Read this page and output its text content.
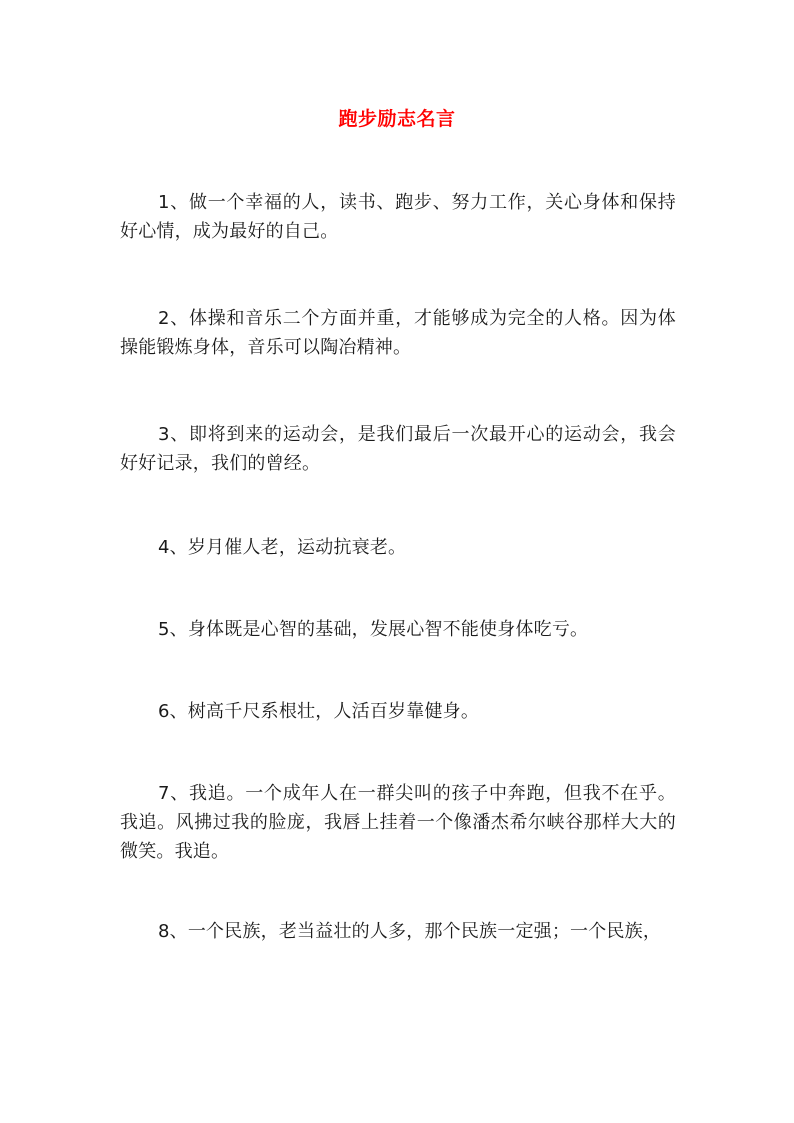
跑步励志名言

1、做一个幸福的人，读书、跑步、努力工作，关心身体和保持好心情，成为最好的自己。

2、体操和音乐二个方面并重，才能够成为完全的人格。因为体操能锻炼身体，音乐可以陶冶精神。

3、即将到来的运动会，是我们最后一次最开心的运动会，我会好好记录，我们的曾经。

4、岁月催人老，运动抗衰老。

5、身体既是心智的基础，发展心智不能使身体吃亏。

6、树高千尺系根壮，人活百岁靠健身。

7、我追。一个成年人在一群尖叫的孩子中奔跑，但我不在乎。我追。风拂过我的脸庞，我唇上挂着一个像潘杰希尔峡谷那样大大的微笑。我追。

8、一个民族，老当益壮的人多，那个民族一定强；一个民族，
